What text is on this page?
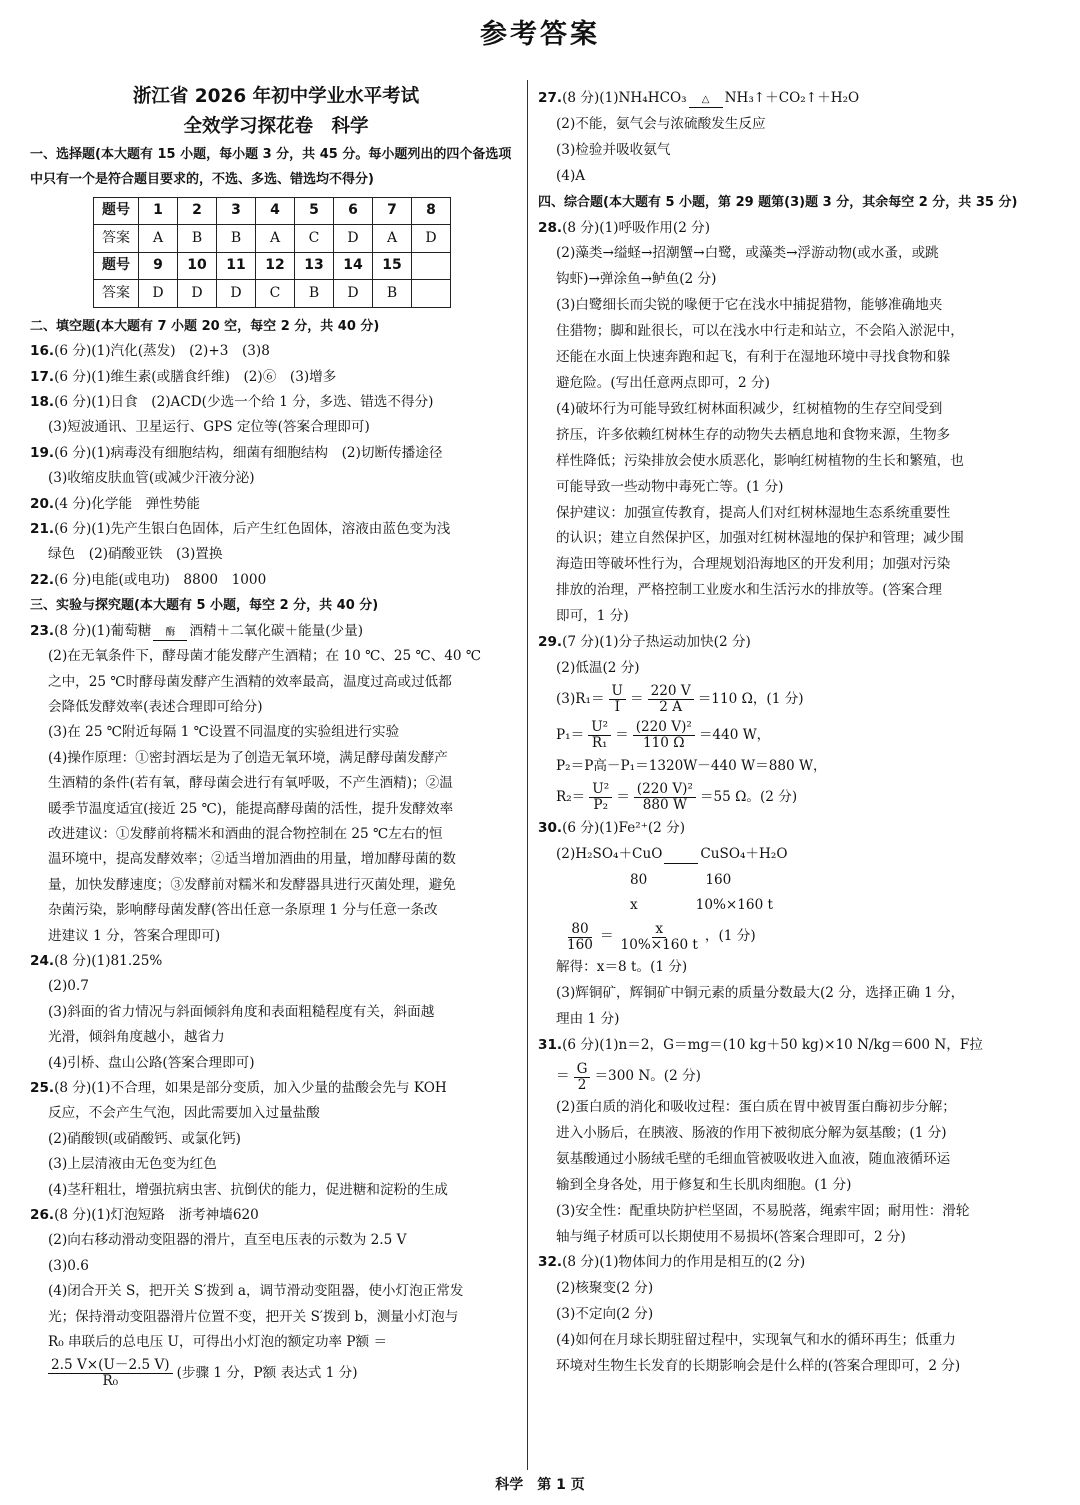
参考答案
浙江省 2026 年初中学业水平考试
全效学习探花卷　科学
一、选择题(本大题有 15 小题，每小题 3 分，共 45 分。每小题列出的四个备选项中只有一个是符合题目要求的，不选、多选、错选均不得分)
题号	1	2	3	4	5	6	7	8
答案	A	B	B	A	C	D	A	D
题号	9	10	11	12	13	14	15	
答案	D	D	D	C	B	D	B	
二、填空题(本大题有 7 小题 20 空，每空 2 分，共 40 分)
16.(6 分)(1)汽化(蒸发)　(2)+3　(3)8
17.(6 分)(1)维生素(或膳食纤维)　(2)⑥　(3)增多
18.(6 分)(1)日食　(2)ACD(少选一个给 1 分，多选、错选不得分)
(3)短波通讯、卫星运行、GPS 定位等(答案合理即可)
19.(6 分)(1)病毒没有细胞结构，细菌有细胞结构　(2)切断传播途径
(3)收缩皮肤血管(或减少汗液分泌)
20.(4 分)化学能　弹性势能
21.(6 分)(1)先产生银白色固体，后产生红色固体，溶液由蓝色变为浅
绿色　(2)硝酸亚铁　(3)置换
22.(6 分)电能(或电功)　8800　1000
三、实验与探究题(本大题有 5 小题，每空 2 分，共 40 分)
23.(8 分)(1)葡萄糖 酶 酒精＋二氧化碳＋能量(少量)
(2)在无氧条件下，酵母菌才能发酵产生酒精；在 10 ℃、25 ℃、40 ℃
之中，25 ℃时酵母菌发酵产生酒精的效率最高，温度过高或过低都
会降低发酵效率(表述合理即可给分)
(3)在 25 ℃附近每隔 1 ℃设置不同温度的实验组进行实验
(4)操作原理：①密封酒坛是为了创造无氧环境，满足酵母菌发酵产
生酒精的条件(若有氧，酵母菌会进行有氧呼吸，不产生酒精)；②温
暖季节温度适宜(接近 25 ℃)，能提高酵母菌的活性，提升发酵效率
改进建议：①发酵前将糯米和酒曲的混合物控制在 25 ℃左右的恒
温环境中，提高发酵效率；②适当增加酒曲的用量，增加酵母菌的数
量，加快发酵速度；③发酵前对糯米和发酵器具进行灭菌处理，避免
杂菌污染，影响酵母菌发酵(答出任意一条原理 1 分与任意一条改
进建议 1 分，答案合理即可)
24.(8 分)(1)81.25%
(2)0.7
(3)斜面的省力情况与斜面倾斜角度和表面粗糙程度有关，斜面越
光滑，倾斜角度越小，越省力
(4)引桥、盘山公路(答案合理即可)
25.(8 分)(1)不合理，如果是部分变质，加入少量的盐酸会先与 KOH
反应，不会产生气泡，因此需要加入过量盐酸
(2)硝酸钡(或硝酸钙、或氯化钙)
(3)上层清液由无色变为红色
(4)茎秆粗壮，增强抗病虫害、抗倒伏的能力，促进糖和淀粉的生成
26.(8 分)(1)灯泡短路　浙考神墙620
(2)向右移动滑动变阻器的滑片，直至电压表的示数为 2.5 V
(3)0.6
(4)闭合开关 S，把开关 S′拨到 a，调节滑动变阻器，使小灯泡正常发
光；保持滑动变阻器滑片位置不变，把开关 S′拨到 b，测量小灯泡与
R₀ 串联后的总电压 U，可得出小灯泡的额定功率 P额 ＝
$\frac{2.5 V\times(U-2.5 V)}{\text{R₀}}$ (步骤 1 分，P额 表达式 1 分)
27.(8 分)(1)NH₄HCO₃ △ NH₃↑＋CO₂↑＋H₂O
(2)不能，氨气会与浓硫酸发生反应
(3)检验并吸收氨气
(4)A
四、综合题(本大题有 5 小题，第 29 题第(3)题 3 分，其余每空 2 分，共 35 分)
28.(8 分)(1)呼吸作用(2 分)
(2)藻类→缢蛏→招潮蟹→白鹭，或藻类→浮游动物(或水蚤，或跳
钩虾)→弹涂鱼→鲈鱼(2 分)
(3)白鹭细长而尖锐的喙便于它在浅水中捕捉猎物，能够准确地夹
住猎物；脚和趾很长，可以在浅水中行走和站立，不会陷入淤泥中，
还能在水面上快速奔跑和起飞，有利于在湿地环境中寻找食物和躲
避危险。(写出任意两点即可，2 分)
(4)破坏行为可能导致红树林面积减少，红树植物的生存空间受到
挤压，许多依赖红树林生存的动物失去栖息地和食物来源，生物多
样性降低；污染排放会使水质恶化，影响红树植物的生长和繁殖，也
可能导致一些动物中毒死亡等。(1 分)
保护建议：加强宣传教育，提高人们对红树林湿地生态系统重要性
的认识；建立自然保护区，加强对红树林湿地的保护和管理；减少围
海造田等破坏性行为，合理规划沿海地区的开发利用；加强对污染
排放的治理，严格控制工业废水和生活污水的排放等。(答案合理
即可，1 分)
29.(7 分)(1)分子热运动加快(2 分)
(2)低温(2 分)
$(3)R_1= \frac{U}{I} = \frac{220 V}{2 A} =110$ Ω，(1 分)
$P_1= \frac{\text{U²}}{\text{R₁}} = \frac{\text{(220 V)²}}{110 \Omega} =440$ W，
P₂＝P高－P₁＝1320W－440 W＝880 W，
$R_2= \frac{\text{U²}}{\text{P₂}} = \frac{\text{(220 V)²}}{880 W} =55$ Ω。(2 分)
30.(6 分)(1)Fe²⁺(2 分)
(2)H₂SO₄＋CuO
	CuSO₄＋H₂O
80	160
x	10%×160 t
$\frac{80}{160} = \frac{x}{10\%\times 160 t}$ ，(1 分)
解得：x＝8 t。(1 分)
(3)辉铜矿，辉铜矿中铜元素的质量分数最大(2 分，选择正确 1 分，
理由 1 分)
31.(6 分)(1)n＝2，G＝mg＝(10 kg＋50 kg)×10 N/kg＝600 N，F拉
＝ $\frac{G}{2} =300$ N。(2 分)
(2)蛋白质的消化和吸收过程：蛋白质在胃中被胃蛋白酶初步分解；
进入小肠后，在胰液、肠液的作用下被彻底分解为氨基酸；(1 分)
氨基酸通过小肠绒毛壁的毛细血管被吸收进入血液，随血液循环运
输到全身各处，用于修复和生长肌肉细胞。(1 分)
(3)安全性：配重块防护栏坚固，不易脱落，绳索牢固；耐用性：滑轮
轴与绳子材质可以长期使用不易损坏(答案合理即可，2 分)
32.(8 分)(1)物体间力的作用是相互的(2 分)
(2)核聚变(2 分)
(3)不定向(2 分)
(4)如何在月球长期驻留过程中，实现氧气和水的循环再生；低重力
环境对生物生长发育的长期影响会是什么样的(答案合理即可，2 分)
科学　第 1 页
